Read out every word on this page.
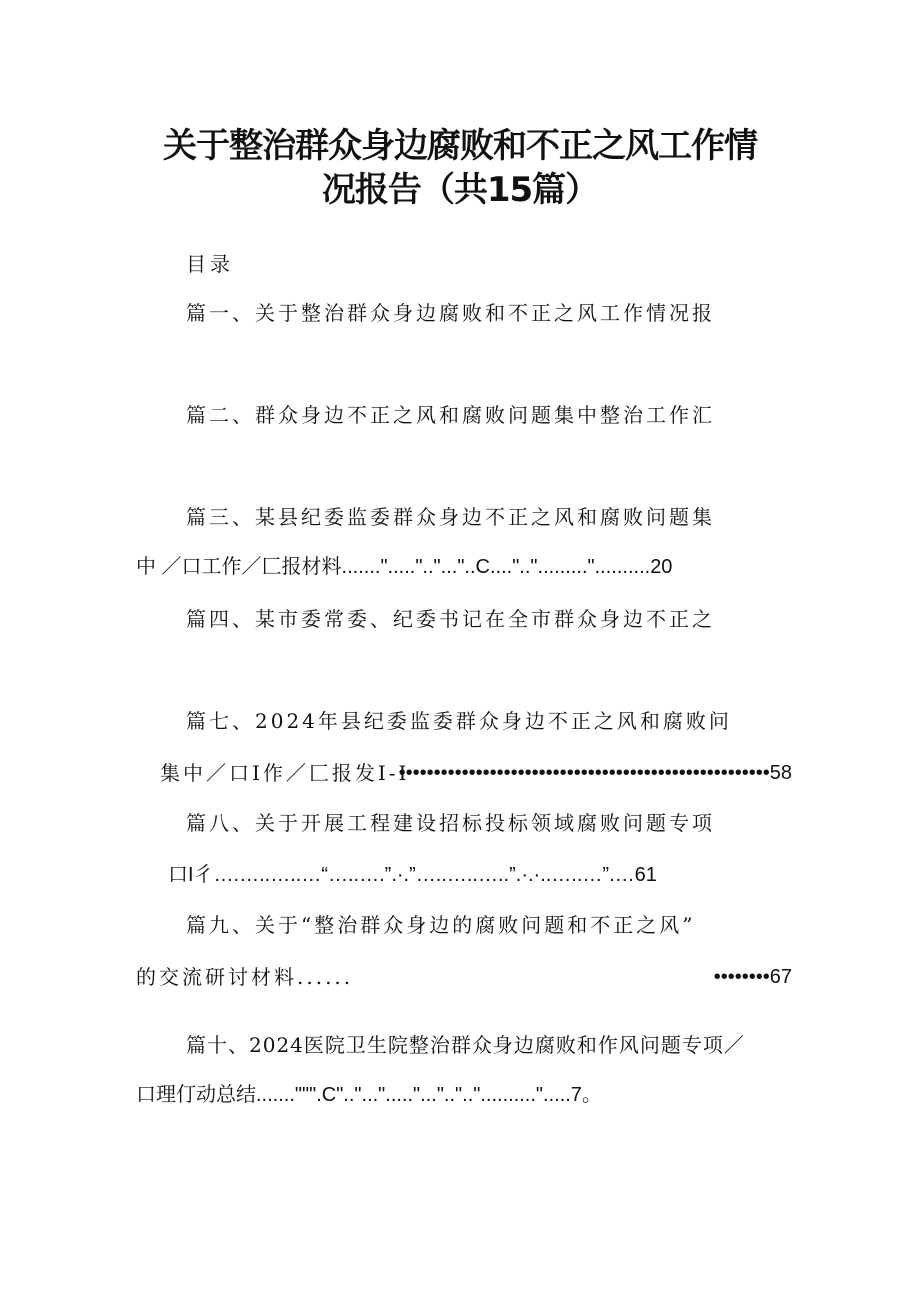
关于整治群众身边腐败和不正之风工作情
况报告（共15篇）
目录
篇一、关于整治群众身边腐败和不正之风工作情况报
篇二、群众身边不正之风和腐败问题集中整治工作汇
篇三、某县纪委监委群众身边不正之风和腐败问题集
中 ／口工作／匚报材料.......".....".."..."..C....".."........."..........20
篇四、某市委常委、纪委书记在全市群众身边不正之
篇七、2024年县纪委监委群众身边不正之风和腐败问
集中／口I作／匚报发I-I
•••••••••••••••••••••••••••••••••••••••••••••••••••••58
篇八、关于开展工程建设招标投标领域腐败问题专项
口I彳….…..…..…“…..….”.·.”…..…..…..”.·.·..…..…”.…61
篇九、关于“整治群众身边的腐败问题和不正之风”
的交流研讨材料......	••••••••67
篇十、2024医院卫生院整治群众身边腐败和作风问题专项／
口理仃动总结.......""".C".."..."....."..."..".."..........".....7。
